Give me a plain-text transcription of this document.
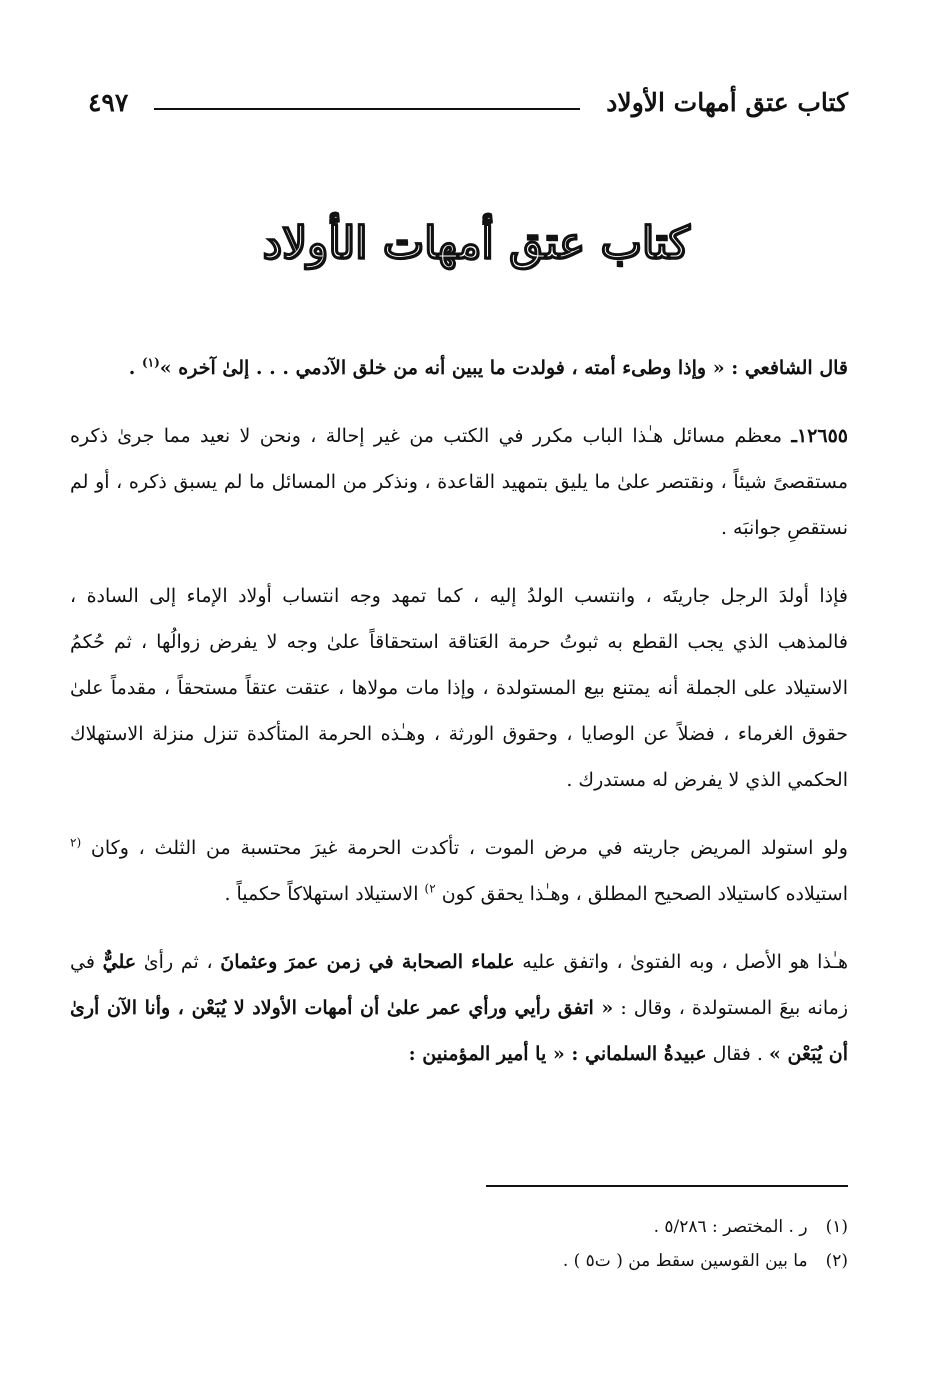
كتاب عتق أمهات الأولاد
٤٩٧
كتاب عتق أمهات الأولاد

قال الشافعي : « وإذا وطىء أمته ، فولدت ما يبين أنه من خلق الآدمي . . . إلىٰ آخره »$^{(١)}$ .

١٢٦٥٥ـ معظم مسائل هـٰذا الباب مكرر في الكتب من غير إحالة ، ونحن لا نعيد مما جرىٰ ذكره مستقصىً شيئاً ، ونقتصر علىٰ ما يليق بتمهيد القاعدة ، ونذكر من المسائل ما لم يسبق ذكره ، أو لم نستقصِ جوانبَه .

فإذا أولدَ الرجل جاريتَه ، وانتسب الولدُ إليه ، كما تمهد وجه انتساب أولاد الإماء إلى السادة ، فالمذهب الذي يجب القطع به ثبوتُ حرمة العَتاقة استحقاقاً علىٰ وجه لا يفرض زوالُها ، ثم حُكمُ الاستيلاد على الجملة أنه يمتنع بيع المستولدة ، وإذا مات مولاها ، عتقت عتقاً مستحقاً ، مقدماً علىٰ حقوق الغرماء ، فضلاً عن الوصايا ، وحقوق الورثة ، وهـٰذه الحرمة المتأكدة تنزل منزلة الاستهلاك الحكمي الذي لا يفرض له مستدرك .

ولو استولد المريض جاريته في مرض الموت ، تأكدت الحرمة غيرَ محتسبة من الثلث ، وكان $^{(٢}$ استيلاده كاستيلاد الصحيح المطلق ، وهـٰذا يحقق كون $^{٢)}$ الاستيلاد استهلاكاً حكمياً .

هـٰذا هو الأصل ، وبه الفتوىٰ ، واتفق عليه علماء الصحابة في زمن عمرَ وعثمانَ ، ثم رأىٰ عليٌّ في زمانه بيعَ المستولدة ، وقال : « اتفق رأيي ورأي عمر علىٰ أن أمهات الأولاد لا يُبَعْن ، وأنا الآن أرىٰ أن يُبَعْن » . فقال عبيدةُ السلماني : « يا أمير المؤمنين :

(١)ر . المختصر : ٥/٢٨٦ .
(٢)ما بين القوسين سقط من ( ت٥ ) .
